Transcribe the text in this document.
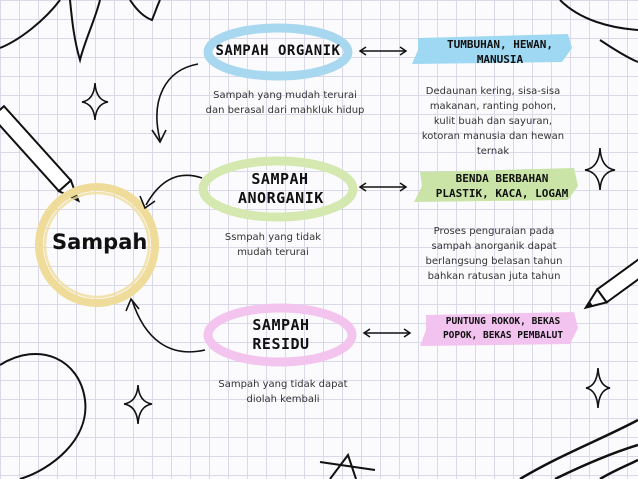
Sampah
SAMPAH ORGANIK
SAMPAH ANORGANIK
SAMPAH RESIDU
Sampah yang mudah terurai dan berasal dari mahkluk hidup
Ssmpah yang tidak mudah terurai
Sampah yang tidak dapat diolah kembali
TUMBUHAN, HEWAN, MANUSIA
BENDA BERBAHAN PLASTIK, KACA, LOGAM
PUNTUNG ROKOK, BEKAS POPOK, BEKAS PEMBALUT
Dedaunan kering, sisa-sisa makanan, ranting pohon, kulit buah dan sayuran, kotoran manusia dan hewan ternak
Proses penguraian pada sampah anorganik dapat berlangsung belasan tahun bahkan ratusan juta tahun
